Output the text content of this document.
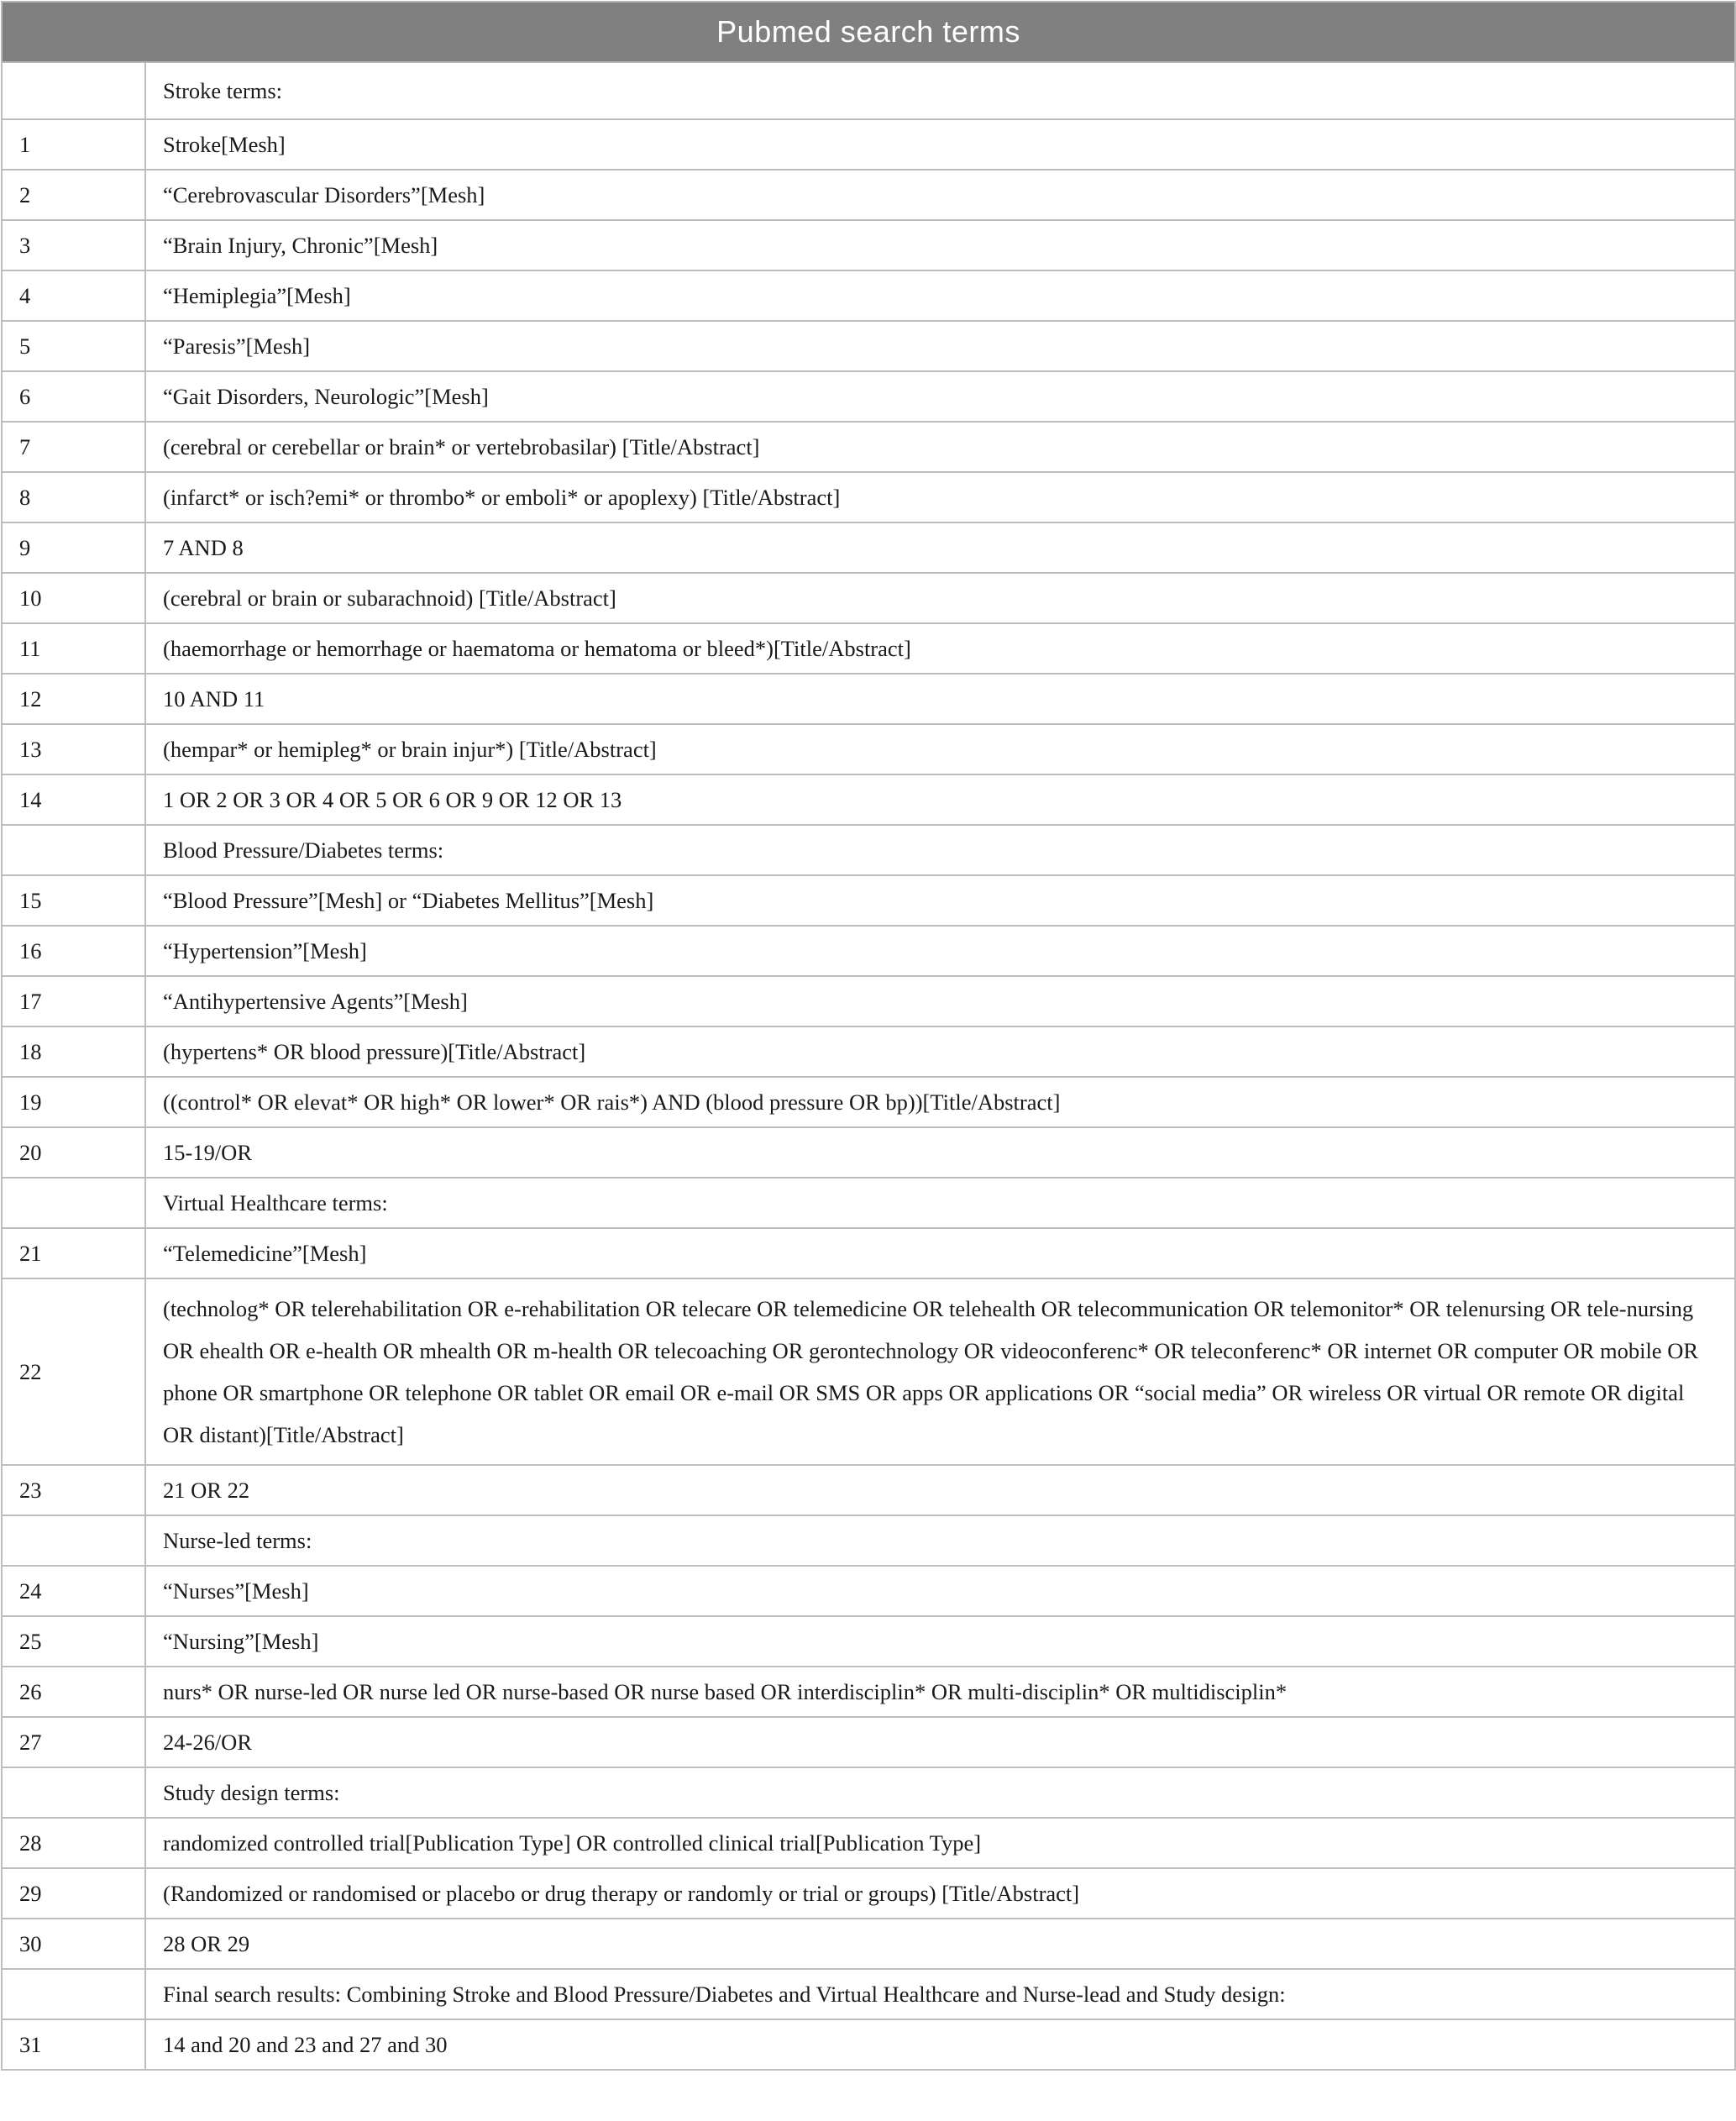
Pubmed search terms	
	Stroke terms:
1	Stroke[Mesh]
2	“Cerebrovascular Disorders”[Mesh]
3	“Brain Injury, Chronic”[Mesh]
4	“Hemiplegia”[Mesh]
5	“Paresis”[Mesh]
6	“Gait Disorders, Neurologic”[Mesh]
7	(cerebral or cerebellar or brain* or vertebrobasilar) [Title/Abstract]
8	(infarct* or isch?emi* or thrombo* or emboli* or apoplexy) [Title/Abstract]
9	7 AND 8
10	(cerebral or brain or subarachnoid) [Title/Abstract]
11	(haemorrhage or hemorrhage or haematoma or hematoma or bleed*)[Title/Abstract]
12	10 AND 11
13	(hempar* or hemipleg* or brain injur*) [Title/Abstract]
14	1 OR 2 OR 3 OR 4 OR 5 OR 6 OR 9 OR 12 OR 13
	Blood Pressure/Diabetes terms:
15	“Blood Pressure”[Mesh] or “Diabetes Mellitus”[Mesh]
16	“Hypertension”[Mesh]
17	“Antihypertensive Agents”[Mesh]
18	(hypertens* OR blood pressure)[Title/Abstract]
19	((control* OR elevat* OR high* OR lower* OR rais*) AND (blood pressure OR bp))[Title/Abstract]
20	15-19/OR
	Virtual Healthcare terms:
21	“Telemedicine”[Mesh]
22	(technolog* OR telerehabilitation OR e-rehabilitation OR telecare OR telemedicine OR telehealth OR telecommunication OR telemonitor* OR telenursing OR tele-nursing OR ehealth OR e-health OR mhealth OR m-health OR telecoaching OR gerontechnology OR videoconferenc* OR teleconferenc* OR internet OR computer OR mobile OR phone OR smartphone OR telephone OR tablet OR email OR e-mail OR SMS OR apps OR applications OR “social media” OR wireless OR virtual OR remote OR digital OR distant)[Title/Abstract]
23	21 OR 22
	Nurse-led terms:
24	“Nurses”[Mesh]
25	“Nursing”[Mesh]
26	nurs* OR nurse-led OR nurse led OR nurse-based OR nurse based OR interdisciplin* OR multi-disciplin* OR multidisciplin*
27	24-26/OR
	Study design terms:
28	randomized controlled trial[Publication Type] OR controlled clinical trial[Publication Type]
29	(Randomized or randomised or placebo or drug therapy or randomly or trial or groups) [Title/Abstract]
30	28 OR 29
	Final search results: Combining Stroke and Blood Pressure/Diabetes and Virtual Healthcare and Nurse-lead and Study design:
31	14 and 20 and 23 and 27 and 30
